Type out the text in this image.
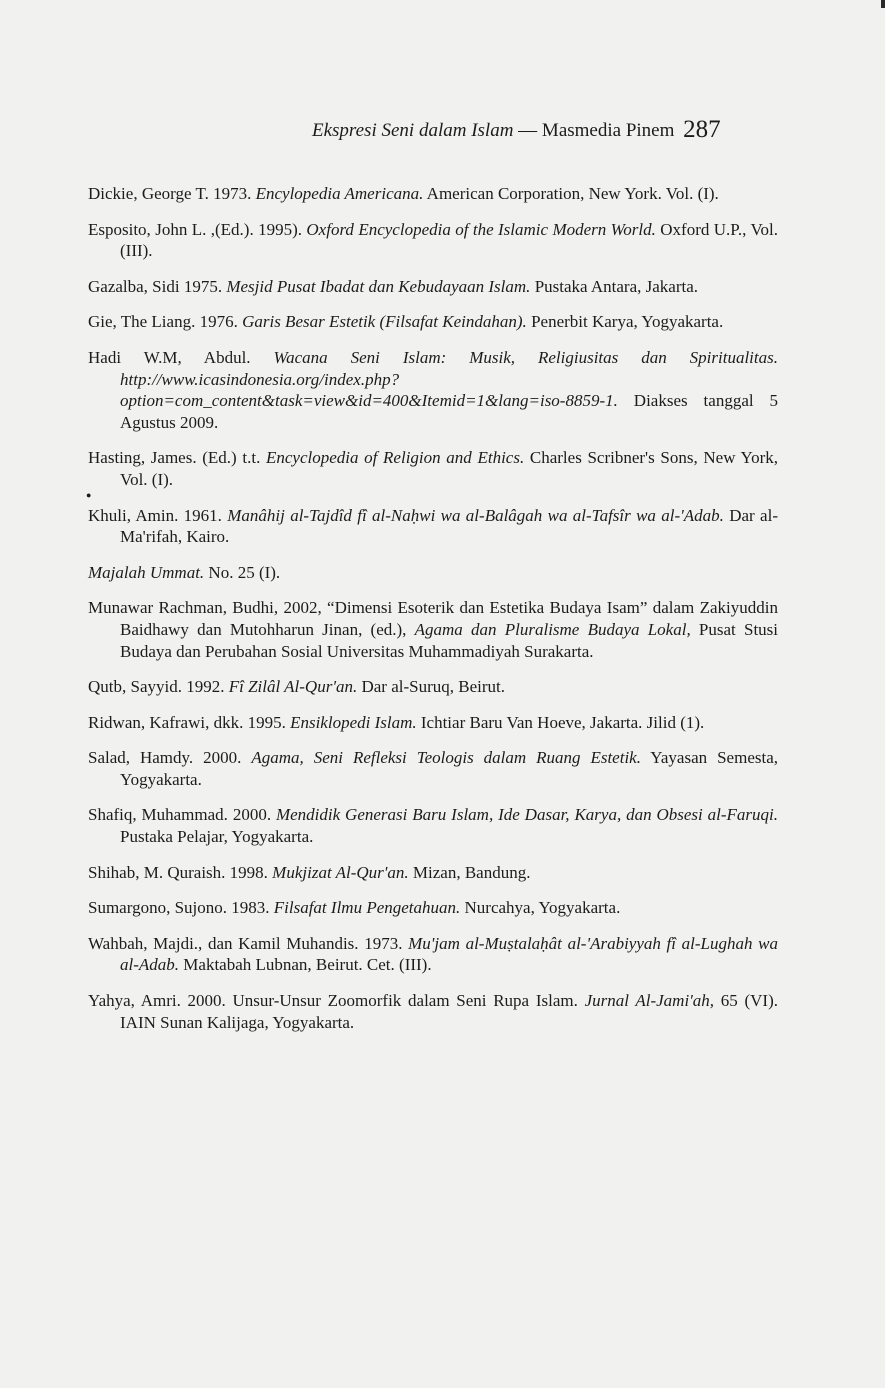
Ekspresi Seni dalam Islam — Masmedia Pinem 287
●
Dickie, George T. 1973. Encylopedia Americana. American Corporation, New York. Vol. (I).
Esposito, John L. ,(Ed.). 1995). Oxford Encyclopedia of the Islamic Modern World. Oxford U.P., Vol. (III).
Gazalba, Sidi 1975. Mesjid Pusat Ibadat dan Kebudayaan Islam. Pustaka Antara, Jakarta.
Gie, The Liang. 1976. Garis Besar Estetik (Filsafat Keindahan). Penerbit Karya, Yogyakarta.
Hadi W.M, Abdul. Wacana Seni Islam: Musik, Religiusitas dan Spiritualitas. http://www.icasindonesia.org/index.php?option=com_content&task=view&id=400&Itemid=1&lang=iso-8859-1. Diakses tanggal 5 Agustus 2009.
Hasting, James. (Ed.) t.t. Encyclopedia of Religion and Ethics. Charles Scribner's Sons, New York, Vol. (I).
Khuli, Amin. 1961. Manâhij al-Tajdîd fî al-Naḥwi wa al-Balâgah wa al-Tafsîr wa al-'Adab. Dar al-Ma'rifah, Kairo.
Majalah Ummat. No. 25 (I).
Munawar Rachman, Budhi, 2002, “Dimensi Esoterik dan Estetika Budaya Isam” dalam Zakiyuddin Baidhawy dan Mutohharun Jinan, (ed.), Agama dan Pluralisme Budaya Lokal, Pusat Stusi Budaya dan Perubahan Sosial Universitas Muhammadiyah Surakarta.
Qutb, Sayyid. 1992. Fî Zilâl Al-Qur'an. Dar al-Suruq, Beirut.
Ridwan, Kafrawi, dkk. 1995. Ensiklopedi Islam. Ichtiar Baru Van Hoeve, Jakarta. Jilid (1).
Salad, Hamdy. 2000. Agama, Seni Refleksi Teologis dalam Ruang Estetik. Yayasan Semesta, Yogyakarta.
Shafiq, Muhammad. 2000. Mendidik Generasi Baru Islam, Ide Dasar, Karya, dan Obsesi al-Faruqi. Pustaka Pelajar, Yogyakarta.
Shihab, M. Quraish. 1998. Mukjizat Al-Qur'an. Mizan, Bandung.
Sumargono, Sujono. 1983. Filsafat Ilmu Pengetahuan. Nurcahya, Yogyakarta.
Wahbah, Majdi., dan Kamil Muhandis. 1973. Mu'jam al-Muṣtalaḥât al-'Arabiyyah fî al-Lughah wa al-Adab. Maktabah Lubnan, Beirut. Cet. (III).
Yahya, Amri. 2000. Unsur-Unsur Zoomorfik dalam Seni Rupa Islam. Jurnal Al-Jami'ah, 65 (VI). IAIN Sunan Kalijaga, Yogyakarta.
